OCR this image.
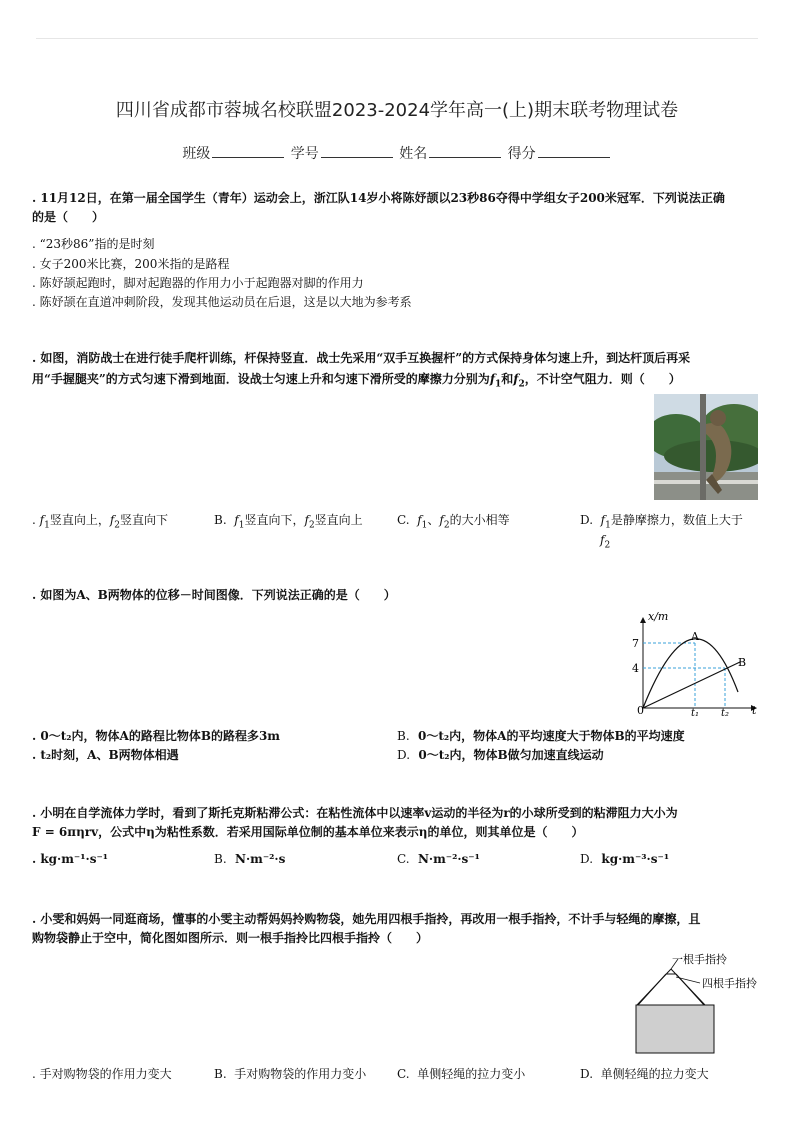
四川省成都市蓉城名校联盟2023-2024学年高一(上)期末联考物理试卷
班级	学号	姓名	得分
. 11月12日，在第一届全国学生（青年）运动会上，浙江队14岁小将陈妤颉以23秒86夺得中学组女子200米冠军．下列说法正确
的是（　　）
. “23秒86”指的是时刻
. 女子200米比赛，200米指的是路程
. 陈妤颉起跑时，脚对起跑器的作用力小于起跑器对脚的作用力
. 陈妤颉在直道冲刺阶段，发现其他运动员在后退，这是以大地为参考系
. 如图，消防战士在进行徒手爬杆训练，杆保持竖直．战士先采用“双手互换握杆”的方式保持身体匀速上升，到达杆顶后再采
用“手握腿夹”的方式匀速下滑到地面．设战士匀速上升和匀速下滑所受的摩擦力分别为$f_1$和$f_2$，不计空气阻力．则（　　）
. $f_1$竖直向上，$f_2$竖直向下	B. $f_1$竖直向下，$f_2$竖直向上	C. $f_1$、$f_2$的大小相等	D. $f_1$是静摩擦力，数值上大于
$f_2$
. 如图为A、B两物体的位移－时间图像．下列说法正确的是（　　）
x/m
t
7
4
0	t₁ t₂
A
B
. 0～t₂内，物体A的路程比物体B的路程多3m	B. 0～t₂内，物体A的平均速度大于物体B的平均速度
. t₂时刻，A、B两物体相遇	D. 0～t₂内，物体B做匀加速直线运动
. 小明在自学流体力学时，看到了斯托克斯粘滞公式：在粘性流体中以速率v运动的半径为r的小球所受到的粘滞阻力大小为
F = 6πηrv，公式中η为粘性系数．若采用国际单位制的基本单位来表示η的单位，则其单位是（　　）
. kg·m⁻¹·s⁻¹	B. N·m⁻²·s	C. N·m⁻²·s⁻¹	D. kg·m⁻³·s⁻¹
. 小雯和妈妈一同逛商场，懂事的小雯主动帮妈妈拎购物袋，她先用四根手指拎，再改用一根手指拎，不计手与轻绳的摩擦，且
购物袋静止于空中，简化图如图所示．则一根手指拎比四根手指拎（　　）
一根手指拎
四根手指拎
. 手对购物袋的作用力变大	B. 手对购物袋的作用力变小	C. 单侧轻绳的拉力变小	D. 单侧轻绳的拉力变大
